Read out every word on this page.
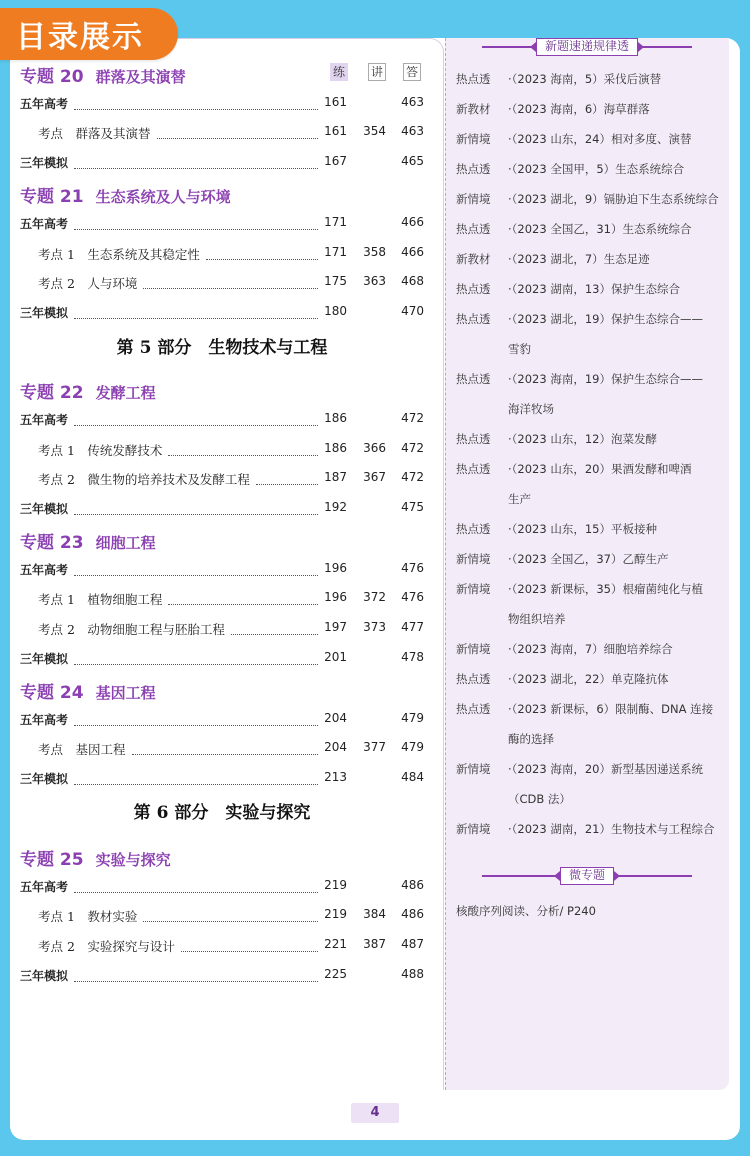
目录展示
练 讲 答
专题 20 群落及其演替
专题 21 生态系统及人与环境
专题 22 发酵工程
专题 23 细胞工程
专题 24 基因工程
专题 25 实验与探究
第 5 部分　生物技术与工程
第 6 部分　实验与探究
五年高考	161	463
考点　群落及其演替	161 354 463
三年模拟	167	465
五年高考	171	466
考点 1　生态系统及其稳定性	171 358 466
考点 2　人与环境	175 363 468
三年模拟	180	470
五年高考	186	472
考点 1　传统发酵技术	186 366 472
考点 2　微生物的培养技术及发酵工程	187 367 472
三年模拟	192	475
五年高考	196	476
考点 1　植物细胞工程	196 372 476
考点 2　动物细胞工程与胚胎工程	197 373 477
三年模拟	201	478
五年高考	204	479
考点　基因工程	204 377 479
三年模拟	213	484
五年高考	219	486
考点 1　教材实验	219 384 486
考点 2　实验探究与设计	221 387 487
三年模拟	225	488
新题速递规律透
热点透 ·（2023 海南，5）采伐后演替
新教材 ·（2023 海南，6）海草群落
新情境 ·（2023 山东，24）相对多度、演替
热点透 ·（2023 全国甲，5）生态系统综合
新情境 ·（2023 湖北，9）镉胁迫下生态系统综合
热点透 ·（2023 全国乙，31）生态系统综合
新教材 ·（2023 湖北，7）生态足迹
热点透 ·（2023 湖南，13）保护生态综合
热点透 ·（2023 湖北，19）保护生态综合——
雪豹
热点透 ·（2023 海南，19）保护生态综合——
海洋牧场
热点透 ·（2023 山东，12）泡菜发酵
热点透 ·（2023 山东，20）果酒发酵和啤酒
生产
热点透 ·（2023 山东，15）平板接种
新情境 ·（2023 全国乙，37）乙醇生产
新情境 ·（2023 新课标，35）根瘤菌纯化与植
物组织培养
新情境 ·（2023 海南，7）细胞培养综合
热点透 ·（2023 湖北，22）单克隆抗体
热点透 ·（2023 新课标，6）限制酶、DNA 连接
酶的选择
新情境 ·（2023 海南，20）新型基因递送系统
（CDB 法）
新情境 ·（2023 湖南，21）生物技术与工程综合
微专题
核酸序列阅读、分析/ P240
4
